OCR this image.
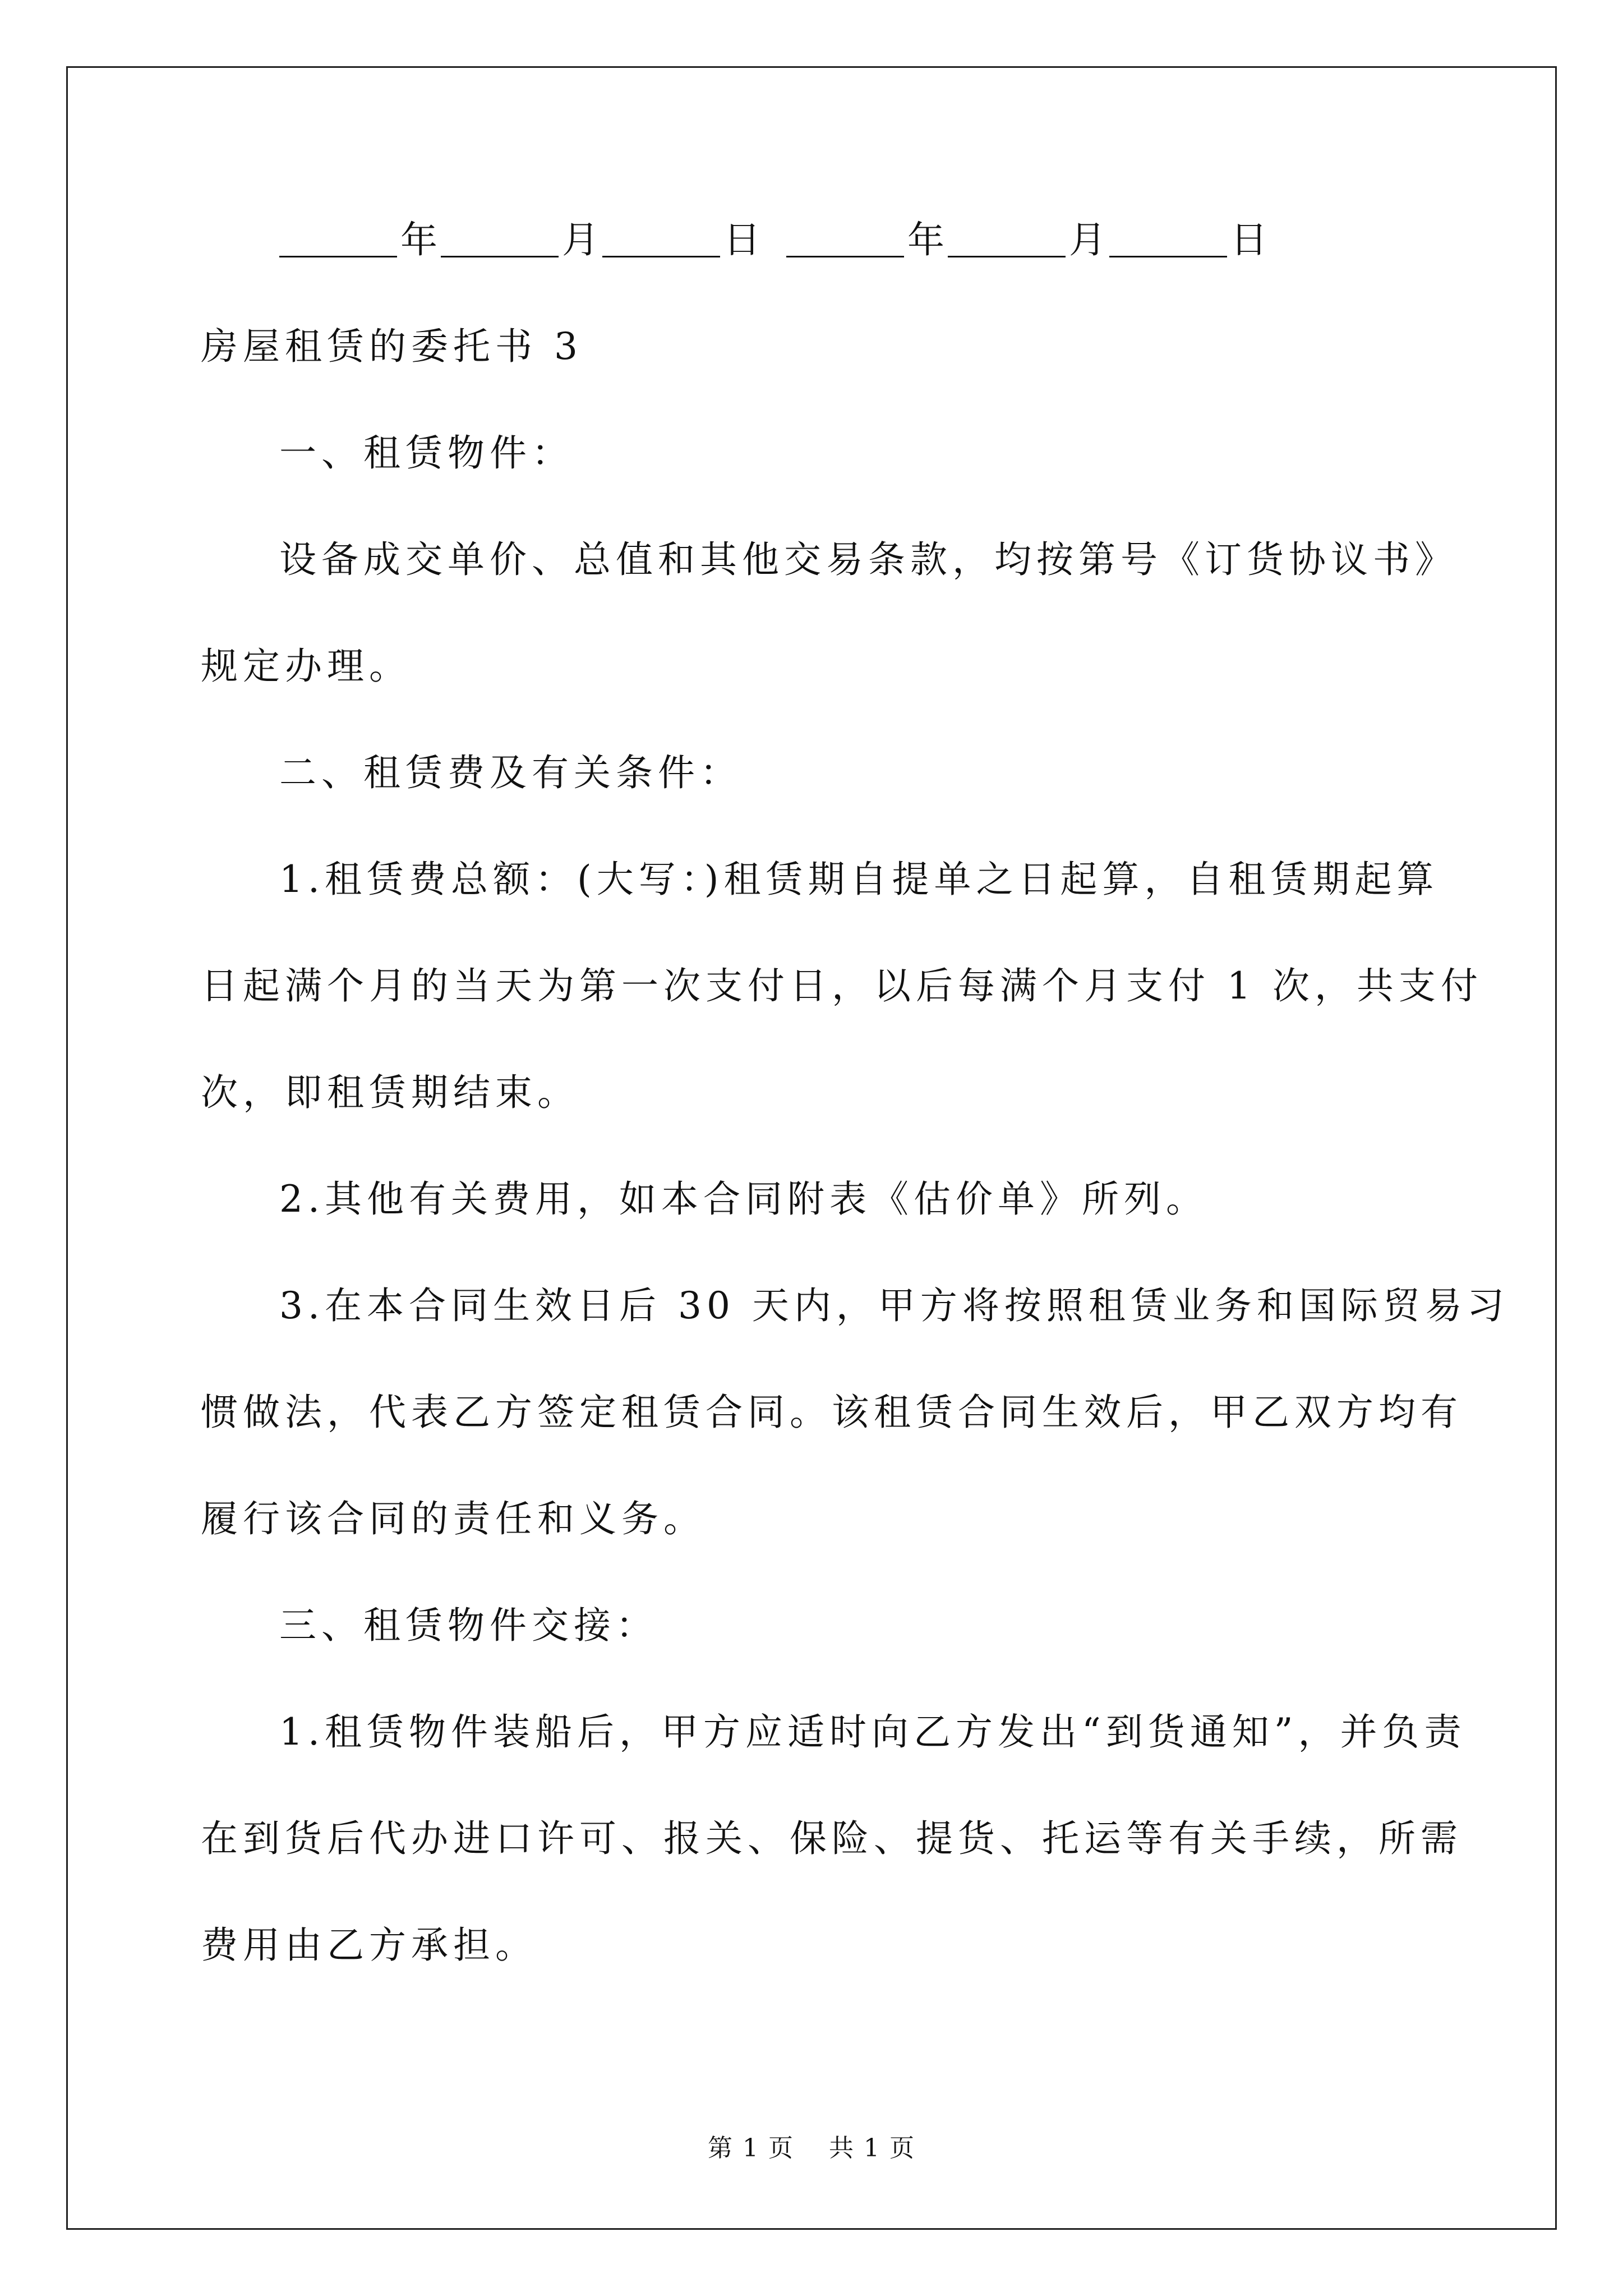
年	月	日	年	月	日
房屋租赁的委托书 3
一、租赁物件：
设备成交单价、总值和其他交易条款，均按第号《订货协议书》
规定办理。
二、租赁费及有关条件：
1.租赁费总额：(大写：)租赁期自提单之日起算，自租赁期起算
日起满个月的当天为第一次支付日，以后每满个月支付 1 次，共支付
次，即租赁期结束。
2.其他有关费用，如本合同附表《估价单》所列。
3.在本合同生效日后 30 天内，甲方将按照租赁业务和国际贸易习
惯做法，代表乙方签定租赁合同。该租赁合同生效后，甲乙双方均有
履行该合同的责任和义务。
三、租赁物件交接：
1.租赁物件装船后，甲方应适时向乙方发出“到货通知”，并负责
在到货后代办进口许可、报关、保险、提货、托运等有关手续，所需
费用由乙方承担。
第 1 页 共 1 页
